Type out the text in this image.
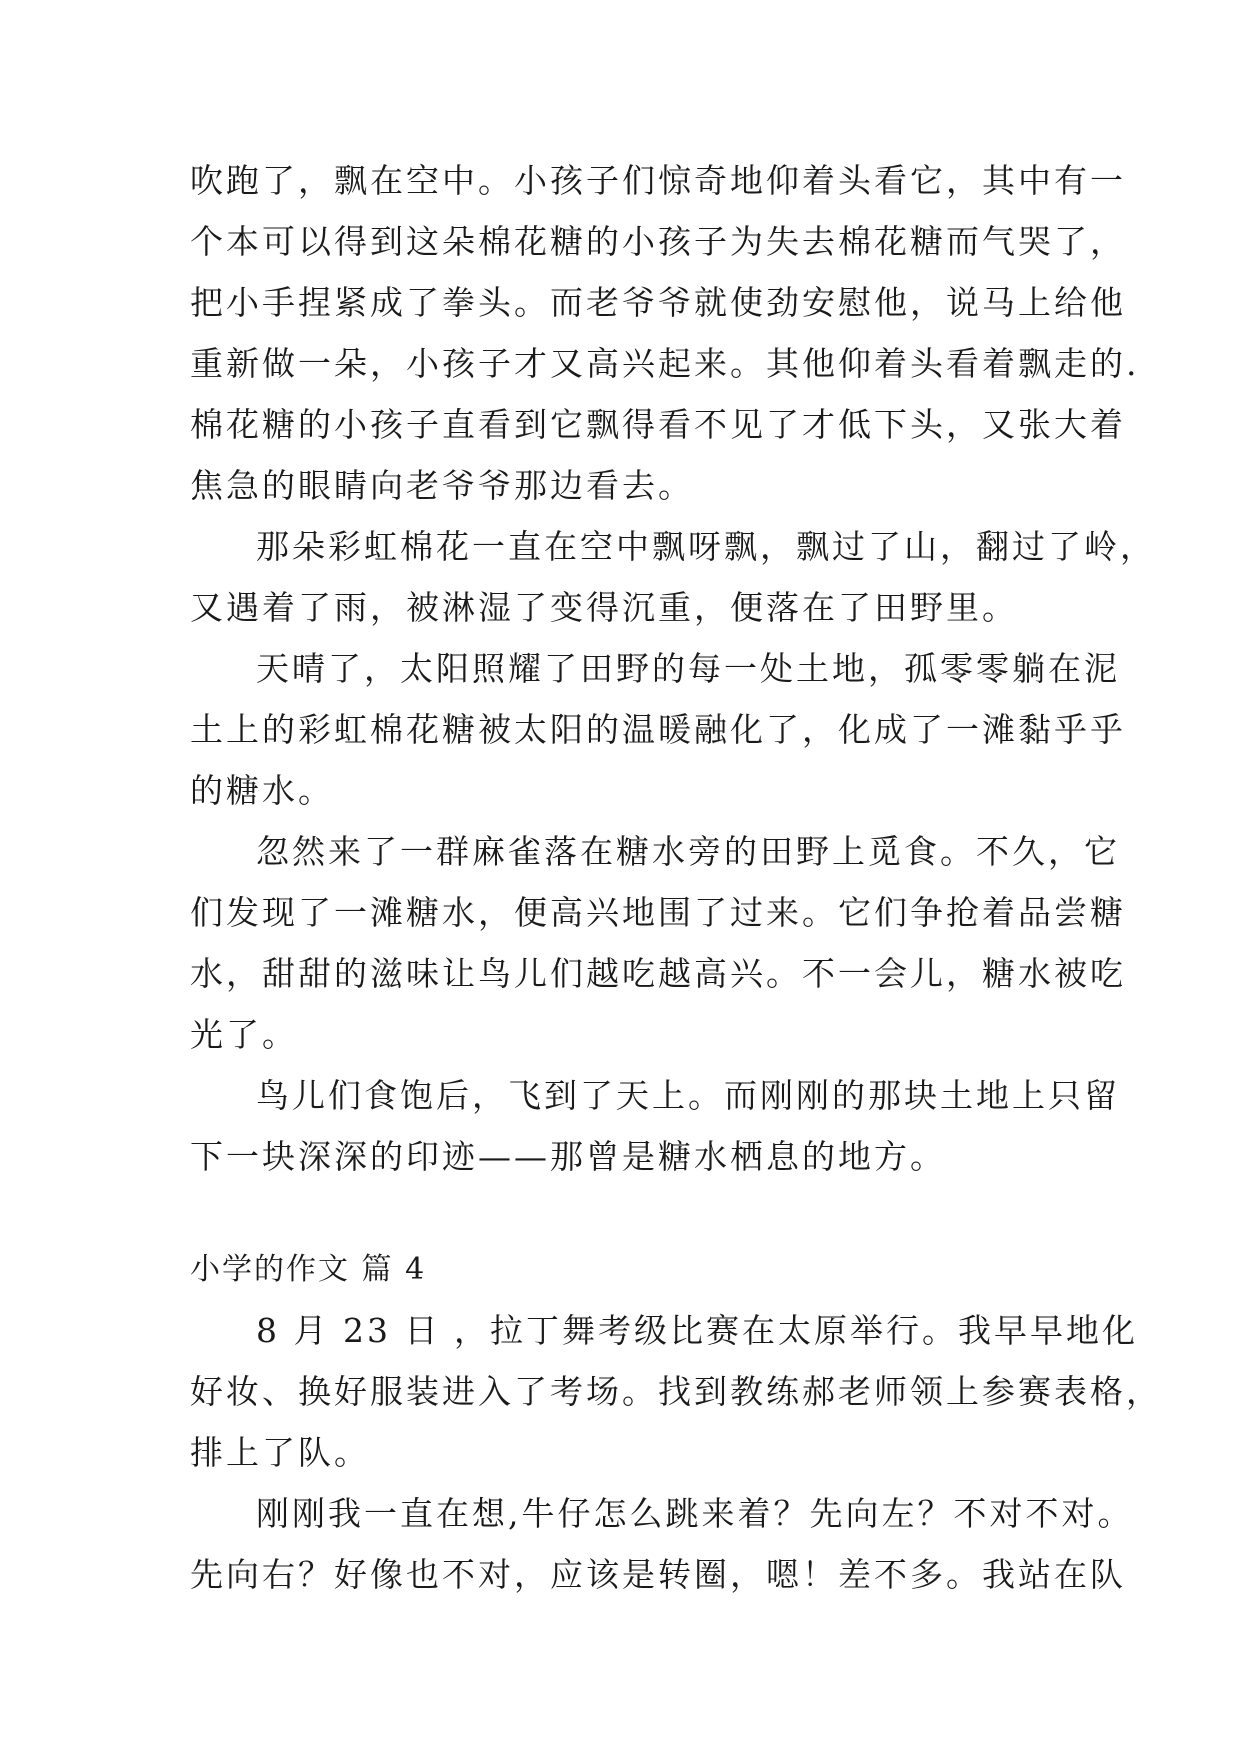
吹跑了，飘在空中。小孩子们惊奇地仰着头看它，其中有一
个本可以得到这朵棉花糖的小孩子为失去棉花糖而气哭了，
把小手捏紧成了拳头。而老爷爷就使劲安慰他，说马上给他
重新做一朵，小孩子才又高兴起来。其他仰着头看着飘走的.
棉花糖的小孩子直看到它飘得看不见了才低下头，又张大着
焦急的眼睛向老爷爷那边看去。
那朵彩虹棉花一直在空中飘呀飘，飘过了山，翻过了岭，
又遇着了雨，被淋湿了变得沉重，便落在了田野里。
天晴了，太阳照耀了田野的每一处土地，孤零零躺在泥
土上的彩虹棉花糖被太阳的温暖融化了，化成了一滩黏乎乎
的糖水。
忽然来了一群麻雀落在糖水旁的田野上觅食。不久，它
们发现了一滩糖水，便高兴地围了过来。它们争抢着品尝糖
水，甜甜的滋味让鸟儿们越吃越高兴。不一会儿，糖水被吃
光了。
鸟儿们食饱后，飞到了天上。而刚刚的那块土地上只留
下一块深深的印迹——那曾是糖水栖息的地方。
小学的作文 篇 4
8 月 23 日 ，拉丁舞考级比赛在太原举行。我早早地化
好妆、换好服装进入了考场。找到教练郝老师领上参赛表格，
排上了队。
刚刚我一直在想,牛仔怎么跳来着？先向左？不对不对。
先向右？好像也不对，应该是转圈，嗯！差不多。我站在队
